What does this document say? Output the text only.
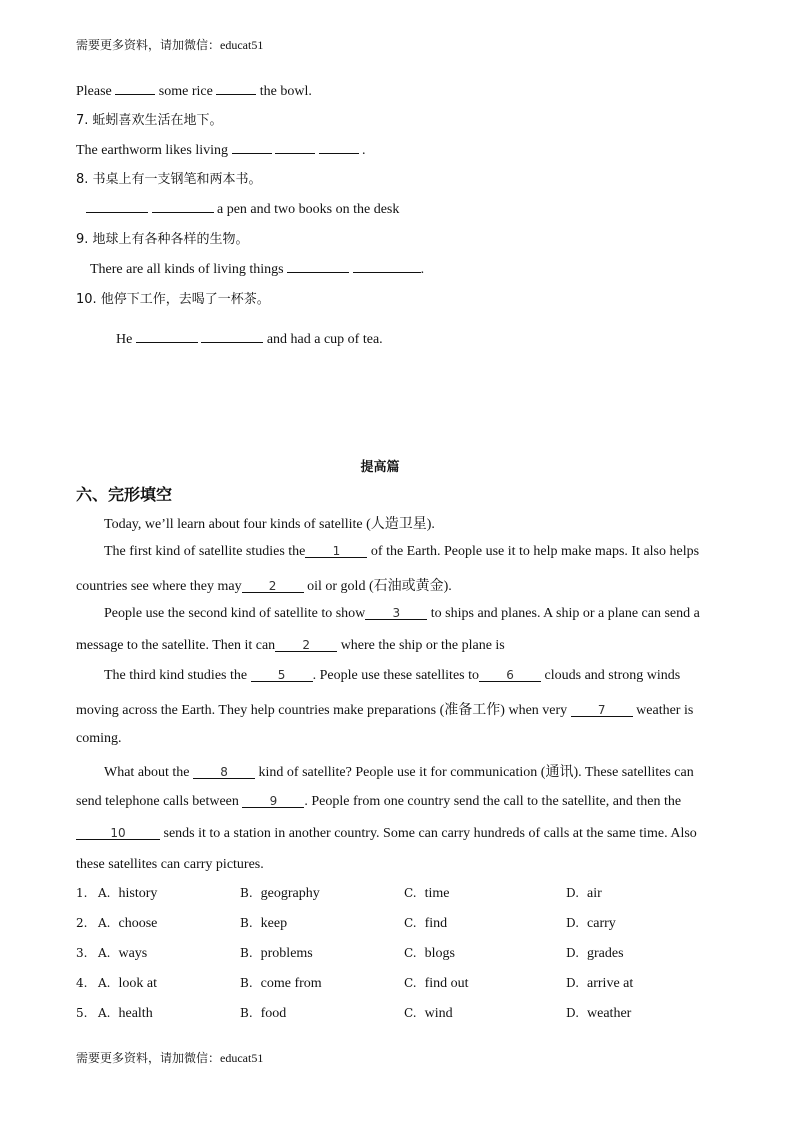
需要更多资料，请加微信：educat51
Please	some rice	the bowl.
7. 蚯蚓喜欢生活在地下。
The earthworm likes living	.
8. 书桌上有一支钢笔和两本书。
a pen and two books on the desk
9. 地球上有各种各样的生物。
There are all kinds of living things	.
10. 他停下工作，去喝了一杯茶。
He	and had a cup of tea.
提高篇
六、完形填空
Today, we’ll learn about four kinds of satellite (人造卫星).
The first kind of satellite studies the 1 of the Earth. People use it to help make maps. It also helps
countries see where they may 2 oil or gold (石油或黄金).
People use the second kind of satellite to show 3 to ships and planes. A ship or a plane can send a
message to the satellite. Then it can 2 where the ship or the plane is
The third kind studies the	5 . People use these satellites to 6 clouds and strong winds
moving across the Earth. They help countries make preparations (准备工作) when very	7 weather is
coming.
What about the	8 kind of satellite? People use it for communication (通讯). These satellites can
send telephone calls between	9 . People from one country send the call to the satellite, and then the
10	sends it to a station in another country. Some can carry hundreds of calls at the same time. Also
these satellites can carry pictures.
1. A. history	B. geography	C. time	D. air
2. A. choose	B. keep	C. find	D. carry
3. A. ways	B. problems	C. blogs	D. grades
4. A. look at	B. come from	C. find out	D. arrive at
5. A. health	B. food	C. wind	D. weather
需要更多资料，请加微信：educat51
